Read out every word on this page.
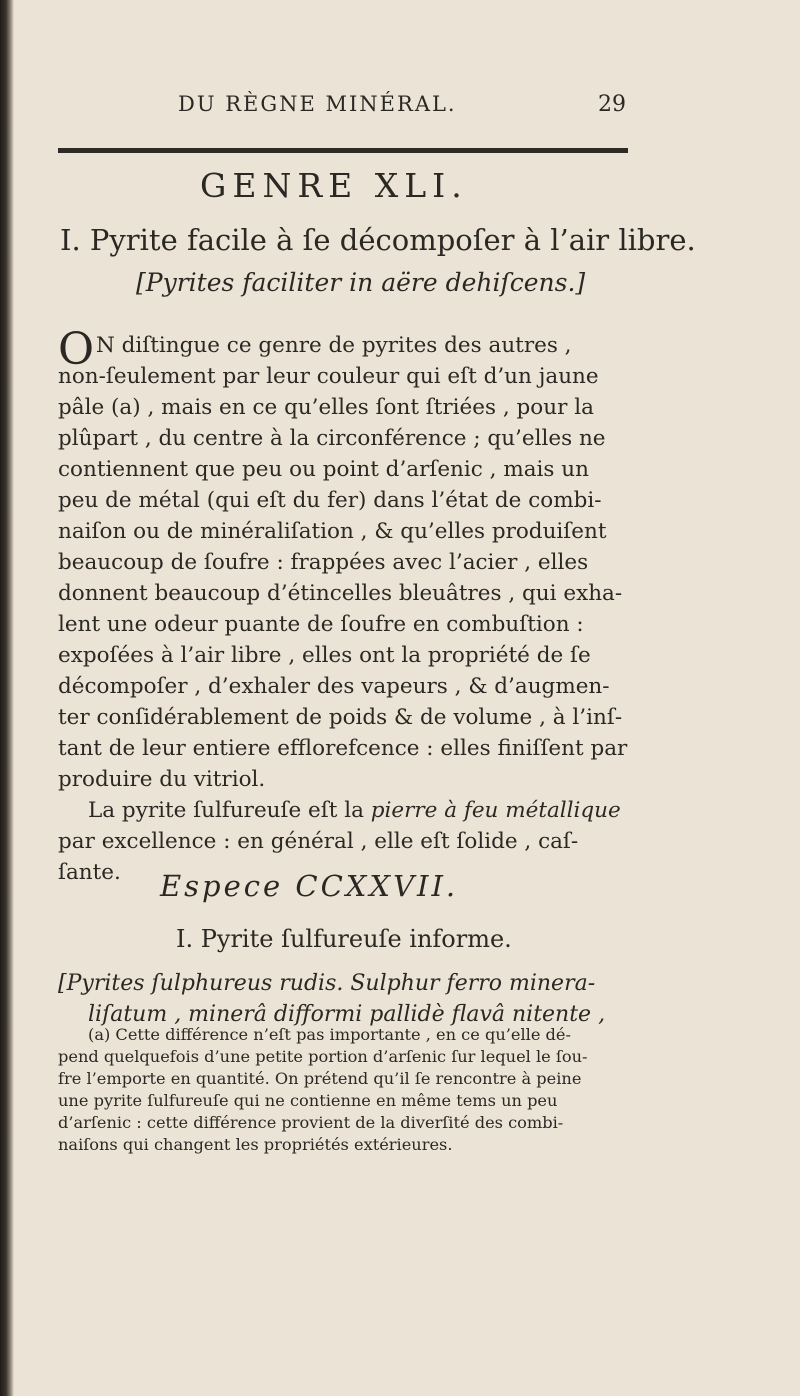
DU RÈGNE MINÉRAL.	29
GENRE XLI.
I. Pyrite facile à ſe décompoſer à l’air libre.
[Pyrites faciliter in aëre dehiſcens.]
O N diſtingue ce genre de pyrites des autres ,
non-ſeulement par leur couleur qui eſt d’un jaune
pâle (a) , mais en ce qu’elles ſont ſtriées , pour la
plûpart , du centre à la circonférence ; qu’elles ne
contiennent que peu ou point d’arſenic , mais un
peu de métal (qui eſt du fer) dans l’état de combi-
naiſon ou de minéraliſation , & qu’elles produiſent
beaucoup de ſoufre : frappées avec l’acier , elles
donnent beaucoup d’étincelles bleuâtres , qui exha-
lent une odeur puante de ſoufre en combuſtion :
expoſées à l’air libre , elles ont la propriété de ſe
décompoſer , d’exhaler des vapeurs , & d’augmen-
ter conſidérablement de poids & de volume , à l’inſ-
tant de leur entiere efflorefcence : elles finiſſent par
produire du vitriol.
La pyrite ſulfureuſe eſt la pierre à feu métallique
par excellence : en général , elle eſt ſolide , caſ-
ſante.	Espece CCXXVII.
I. Pyrite ſulfureuſe informe.
[Pyrites ſulphureus rudis. Sulphur ferro minera-
liſatum , minerâ difformi pallidè flavâ nitente ,
(a) Cette différence n’eſt pas importante , en ce qu’elle dé-
pend quelquefois d’une petite portion d’arſenic ſur lequel le ſou-
fre l’emporte en quantité. On prétend qu’il ſe rencontre à peine
une pyrite ſulfureuſe qui ne contienne en même tems un peu
d’arſenic : cette différence provient de la diverſité des combi-
naiſons qui changent les propriétés extérieures.
